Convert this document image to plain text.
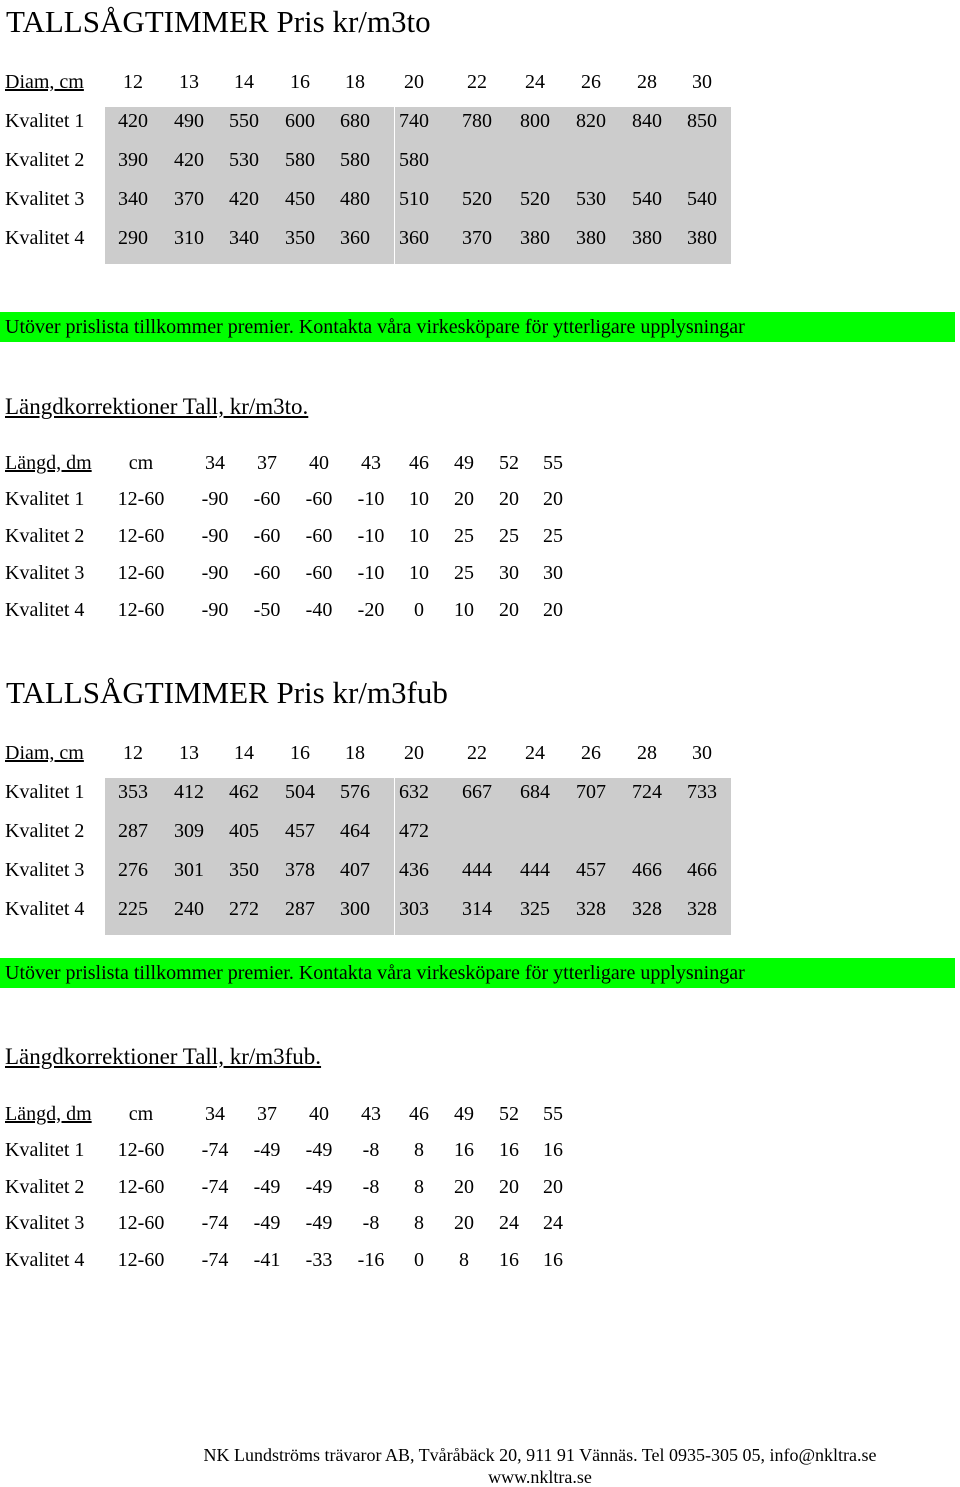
TALLSÅGTIMMER Pris kr/m3to
Diam, cm 12 13 14 16 18 20 22 24 26 28 30
Kvalitet 1 420 490 550 600 680 740 780 800 820 840 850
Kvalitet 2 390 420 530 580 580 580
Kvalitet 3 340 370 420 450 480 510 520 520 530 540 540
Kvalitet 4 290 310 340 350 360 360 370 380 380 380 380
Utöver prislista tillkommer premier. Kontakta våra virkesköpare för ytterligare upplysningar
Längdkorrektioner Tall, kr/m3to.
Längd, dm cm	34 37 40 43 46 49 52 55
Kvalitet 1 12-60 -90 -60 -60 -10 10 20 20 20
Kvalitet 2 12-60 -90 -60 -60 -10 10 25 25 25
Kvalitet 3 12-60 -90 -60 -60 -10 10 25 30 30
Kvalitet 4 12-60 -90 -50 -40 -20 0 10 20 20
TALLSÅGTIMMER Pris kr/m3fub
Diam, cm 12 13 14 16 18 20 22 24 26 28 30
Kvalitet 1 353 412 462 504 576 632 667 684 707 724 733
Kvalitet 2 287 309 405 457 464 472
Kvalitet 3 276 301 350 378 407 436 444 444 457 466 466
Kvalitet 4 225 240 272 287 300 303 314 325 328 328 328
Utöver prislista tillkommer premier. Kontakta våra virkesköpare för ytterligare upplysningar
Längdkorrektioner Tall, kr/m3fub.
Längd, dm cm	34 37 40 43 46 49 52 55
Kvalitet 1 12-60 -74 -49 -49 -8 8 16 16 16
Kvalitet 2 12-60 -74 -49 -49 -8 8 20 20 20
Kvalitet 3 12-60 -74 -49 -49 -8 8 20 24 24
Kvalitet 4 12-60 -74 -41 -33 -16 0 8 16 16
NK Lundströms trävaror AB, Tvåråbäck 20, 911 91 Vännäs. Tel 0935-305 05, info@nkltra.se
www.nkltra.se
